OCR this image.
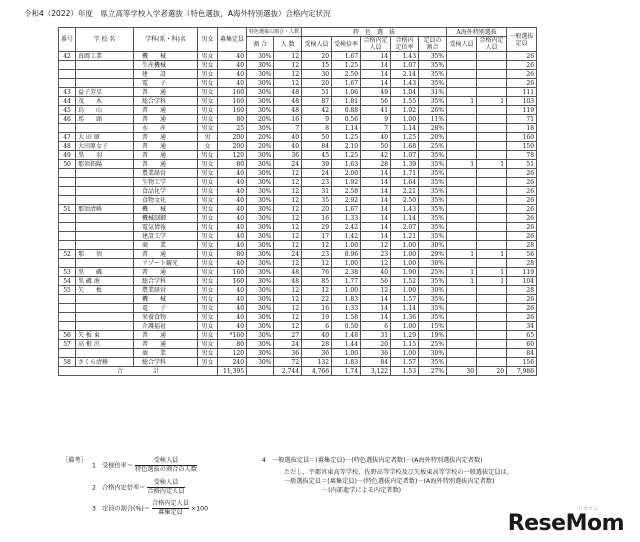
令和4（2022）年度　県立高等学校入学者選抜（特色選抜，A海外特別選抜）合格内定状況
番号	学 校 名	学科(系・科)名	男女	募集定員	特色選抜の割合・人数		特　色　選　抜					A海外特別選抜		一般選抜定員
					割 合	人 数	受検人員	受検倍率	合格内定人員	合格内定倍率	定員の割合	受検人員	合格内定人員	

42	真岡工業	機　　械	男女	40	30%	12	20	1.67	14	1.43	35%			26
		生産機械	男女	40	30%	12	15	1.25	14	1.07	35%			26
		建　　設	男女	40	30%	12	30	2.50	14	2.14	35%			26
		電　　子	男女	40	30%	12	20	1.67	14	1.43	35%			26
43	益子芳星	普　　通	男女	160	30%	48	51	1.06	49	1.04	31%			111
44	茂　　木	総合学科	男女	160	30%	48	87	1.81	56	1.55	35%	1	1	103
45	烏　　山	普　　通	男女	160	30%	48	42	0.88	41	1.02	26%			119
46	馬　　頭	普　　通	男女	80	20%	16	9	0.56	9	1.00	11%			71
		水　　産	男女	25	30%	7	8	1.14	7	1.14	28%			18
47	大 田 原	普　　通	男	200	20%	40	50	1.25	40	1.25	20%			160
48	大田原女子	普　　通	女	200	20%	40	84	2.10	50	1.68	25%			150
49	黒　　羽	普　　通	男女	120	30%	36	45	1.25	42	1.07	35%			78
50	那須拓陽	普　　通	男女	80	30%	24	39	1.63	28	1.39	35%	1	1	51
		農業経営	男女	40	30%	12	24	2.00	14	1.71	35%			26
		生物工学	男女	40	30%	12	23	1.92	14	1.64	35%			26
		食品化学	男女	40	30%	12	31	2.58	14	2.21	35%			26
		食物文化	男女	40	30%	12	35	2.92	14	2.50	35%			26
51	那須清峰	機　　械	男女	40	30%	12	20	1.67	14	1.43	35%			26
		機械制御	男女	40	30%	12	16	1.33	14	1.14	35%			26
		電気情報	男女	40	30%	12	29	2.42	14	2.07	35%			26
		建設工学	男女	40	30%	12	17	1.42	14	1.21	35%			26
		商　　業	男女	40	30%	12	12	1.00	12	1.00	30%			28
52	那　　須	普　　通	男女	80	30%	24	23	0.96	23	1.00	29%	1	1	56
		リゾート観光	男女	40	30%	12	12	1.00	12	1.00	30%			28
53	黒　　磯	普　　通	男女	160	30%	48	76	2.38	40	1.90	25%	1	1	119
54	黒 磯 南	総合学科	男女	160	30%	48	85	1.77	56	1.52	35%	1	1	104
55	矢　　板	農業経営	男女	40	30%	12	12	1.00	12	1.00	30%			28
		機　　械	男女	40	30%	12	22	1.83	14	1.57	35%			26
		電　　子	男女	40	30%	12	16	1.33	14	1.14	35%			26
		栄養食物	男女	40	30%	12	19	1.58	14	1.36	35%			26
		介護福祉	男女	40	30%	12	6	0.50	6	1.00	15%			34
56	矢 板 東	普　　通	男女	*160	30%	27	40	1.48	31	1.29	19%			65
57	高 根 沢	普　　通	男女	80	30%	24	28	1.44	20	1.15	25%			60
		商　　業	男女	120	30%	36	36	1.00	36	1.00	30%			84
58	さくら清修	総合学科	男女	240	30%	72	132	1.83	84	1.57	35%			156
合　　　　　計				11,395		2,744	4,766	1.74	3,122	1.53	27%	30	20	7,986
［備考］
1　受検倍率＝ $\frac{\text{受検人員}}{\text{特色選抜の割合の人数}}$
2　合格内定倍率＝ $\frac{\text{受検人員}}{\text{合格内定人員}}$
3　定員の割合(%)＝ $\frac{\text{合格内定人員}}{\text{募集定員}} \times 100$
4　一般選抜定員＝(募集定員)－(特色選抜内定者数)－(A海外特別選抜内定者数)
ただし，宇都宮東高等学校，佐野高等学校及び矢板東高等学校の一般選抜定員は，
一般選抜定員＝(募集定員)－(特色選抜内定者数)－(A海外特別選抜内定者数)
－(内部進学による内定者数)
リセマム
ReseMom
